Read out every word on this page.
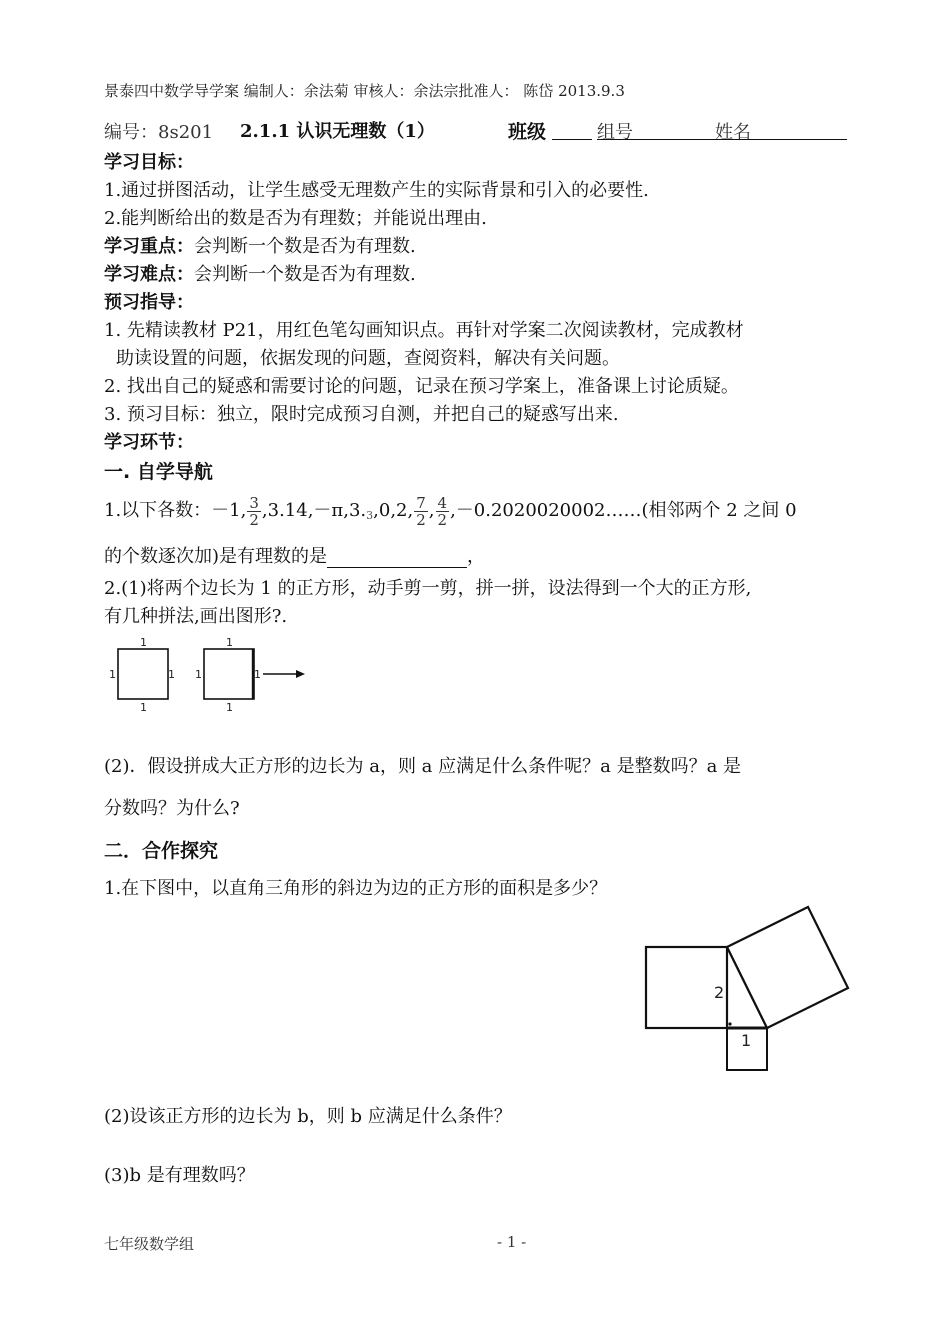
景泰四中数学导学案 编制人：余法菊 审核人：余法宗批准人： 陈岱 2013.9.3
编号：8s201 2.1.1 认识无理数（1）	班级	组号	姓名
学习目标：
1.通过拼图活动，让学生感受无理数产生的实际背景和引入的必要性.
2.能判断给出的数是否为有理数；并能说出理由.
学习重点：会判断一个数是否为有理数.
学习难点：会判断一个数是否为有理数.
预习指导：
1. 先精读教材 P21，用红色笔勾画知识点。再针对学案二次阅读教材，完成教材
助读设置的问题，依据发现的问题，查阅资料，解决有关问题。
2. 找出自己的疑惑和需要讨论的问题，记录在预习学案上，准备课上讨论质疑。
3. 预习目标：独立，限时完成预习自测，并把自己的疑惑写出来.
学习环节：
一. 自学导航
1.以下各数：－1, $\frac{3}{2} ,3.14,-\pi,3.3,0,2$, $\frac{7}{2}$ , $\frac{4}{2}$ ,－0.2020020002……(相邻两个 2 之间 0
的个数逐次加)是有理数的是	，
2.(1)将两个边长为 1 的正方形，动手剪一剪，拼一拼，设法得到一个大的正方形,
有几种拼法,画出图形?.
1
1	1
1
1
1	1
1
(2)．假设拼成大正方形的边长为 a，则 a 应满足什么条件呢？a 是整数吗？a 是
分数吗？为什么?
二．合作探究
1.在下图中，以直角三角形的斜边为边的正方形的面积是多少？
2
1
(2)设该正方形的边长为 b，则 b 应满足什么条件？
(3)b 是有理数吗？
七年级数学组	- 1 -
